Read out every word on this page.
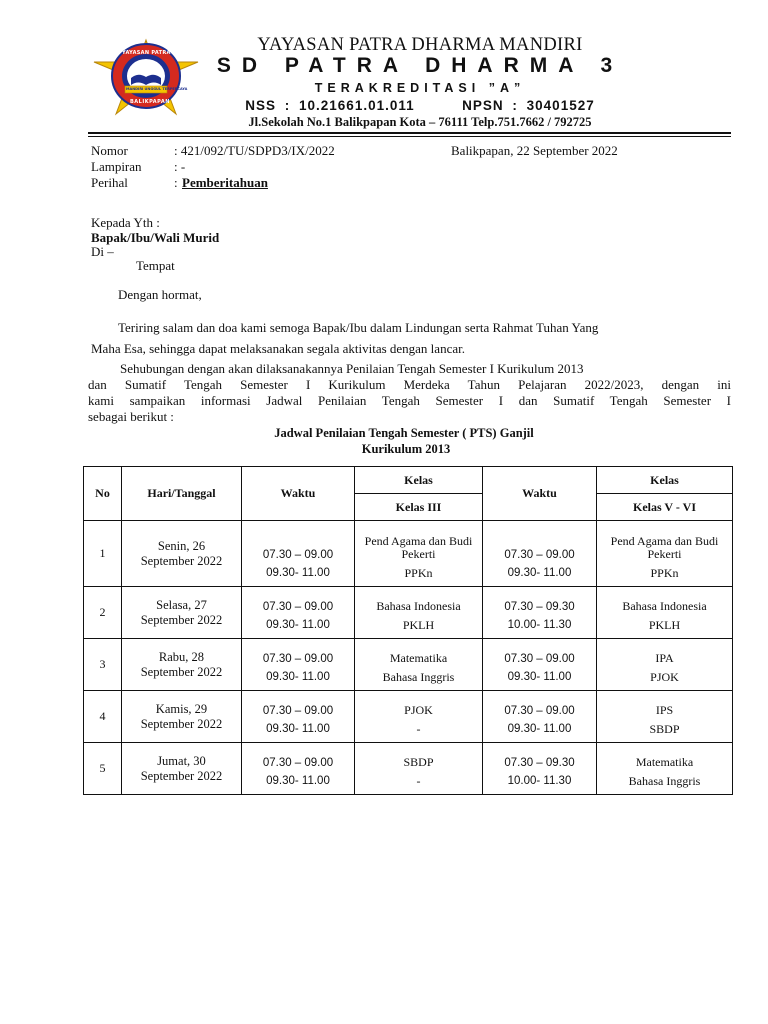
YAYASAN PATRA DHARMA MANDIRI
MANDIRI UNGGUL TERPERCAYA
BALIKPAPAN
YAYASAN PATRA DHARMA MANDIRI
SD PATRA DHARMA 3
TERAKREDITASI ”A”
NSS : 10.21661.01.011	NPSN : 30401527
Jl.Sekolah No.1 Balikpapan Kota – 76111 Telp.751.7662 / 792725
Nomor	: 421/092/TU/SDPD3/IX/2022	Balikpapan, 22 September 2022
Lampiran : -
Perihal	: Pemberitahuan
Kepada Yth :
Bapak/Ibu/Wali Murid
Di –
Tempat
Dengan hormat,
Teriring salam dan doa kami semoga Bapak/Ibu dalam Lindungan serta Rahmat Tuhan Yang
Maha Esa, sehingga dapat melaksanakan segala aktivitas dengan lancar.
Sehubungan dengan akan dilaksanakannya Penilaian Tengah Semester I Kurikulum 2013
dan Sumatif Tengah Semester I Kurikulum Merdeka Tahun Pelajaran 2022/2023, dengan ini
kami sampaikan informasi Jadwal Penilaian Tengah Semester I dan Sumatif Tengah Semester I
sebagai berikut :
Jadwal Penilaian Tengah Semester ( PTS) Ganjil
Kurikulum 2013
No	Hari/Tanggal	Waktu	Kelas	Waktu	Kelas
			Kelas III		Kelas V - VI
1	Senin, 26
September 2022	07.30 – 09.00	Pend Agama dan Budi Pekerti	07.30 – 09.00	Pend Agama dan Budi Pekerti
		09.30- 11.00	PPKn	09.30- 11.00	PPKn
2	Selasa, 27
September 2022	07.30 – 09.00	Bahasa Indonesia	07.30 – 09.30	Bahasa Indonesia
		09.30- 11.00	PKLH	10.00- 11.30	PKLH
3	Rabu, 28
September 2022	07.30 – 09.00	Matematika	07.30 – 09.00	IPA
		09.30- 11.00	Bahasa Inggris	09.30- 11.00	PJOK
4	Kamis, 29
September 2022	07.30 – 09.00	PJOK	07.30 – 09.00	IPS
		09.30- 11.00	-	09.30- 11.00	SBDP
5	Jumat, 30
September 2022	07.30 – 09.00	SBDP	07.30 – 09.30	Matematika
		09.30- 11.00	-	10.00- 11.30	Bahasa Inggris
